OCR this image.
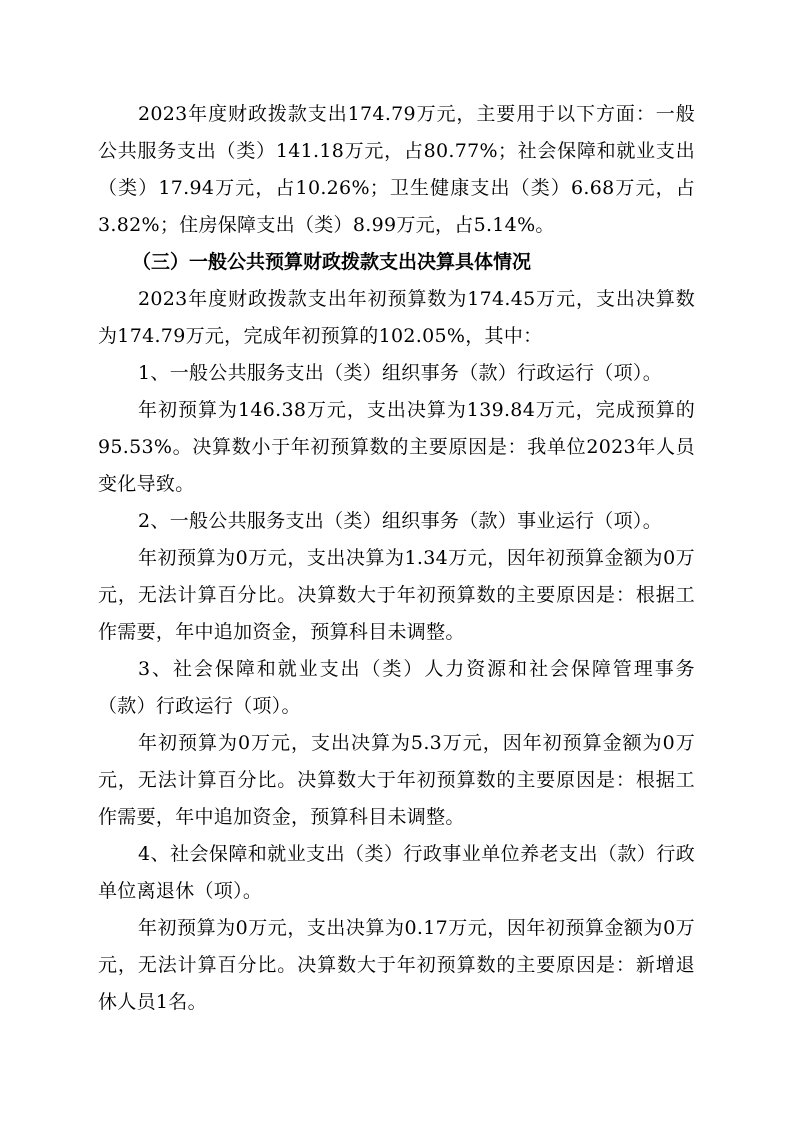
2023年度财政拨款支出174.79万元，主要用于以下方面：一般公共服务支出（类）141.18万元，占80.77%；社会保障和就业支出（类）17.94万元，占10.26%；卫生健康支出（类）6.68万元，占3.82%；住房保障支出（类）8.99万元，占5.14%。

（三）一般公共预算财政拨款支出决算具体情况

2023年度财政拨款支出年初预算数为174.45万元，支出决算数为174.79万元，完成年初预算的102.05%，其中：

1、一般公共服务支出（类）组织事务（款）行政运行（项）。

年初预算为146.38万元，支出决算为139.84万元，完成预算的95.53%。决算数小于年初预算数的主要原因是：我单位2023年人员变化导致。

2、一般公共服务支出（类）组织事务（款）事业运行（项）。

年初预算为0万元，支出决算为1.34万元，因年初预算金额为0万元，无法计算百分比。决算数大于年初预算数的主要原因是：根据工作需要，年中追加资金，预算科目未调整。

3、社会保障和就业支出（类）人力资源和社会保障管理事务（款）行政运行（项）。

年初预算为0万元，支出决算为5.3万元，因年初预算金额为0万元，无法计算百分比。决算数大于年初预算数的主要原因是：根据工作需要，年中追加资金，预算科目未调整。

4、社会保障和就业支出（类）行政事业单位养老支出（款）行政单位离退休（项）。

年初预算为0万元，支出决算为0.17万元，因年初预算金额为0万元，无法计算百分比。决算数大于年初预算数的主要原因是：新增退休人员1名。
